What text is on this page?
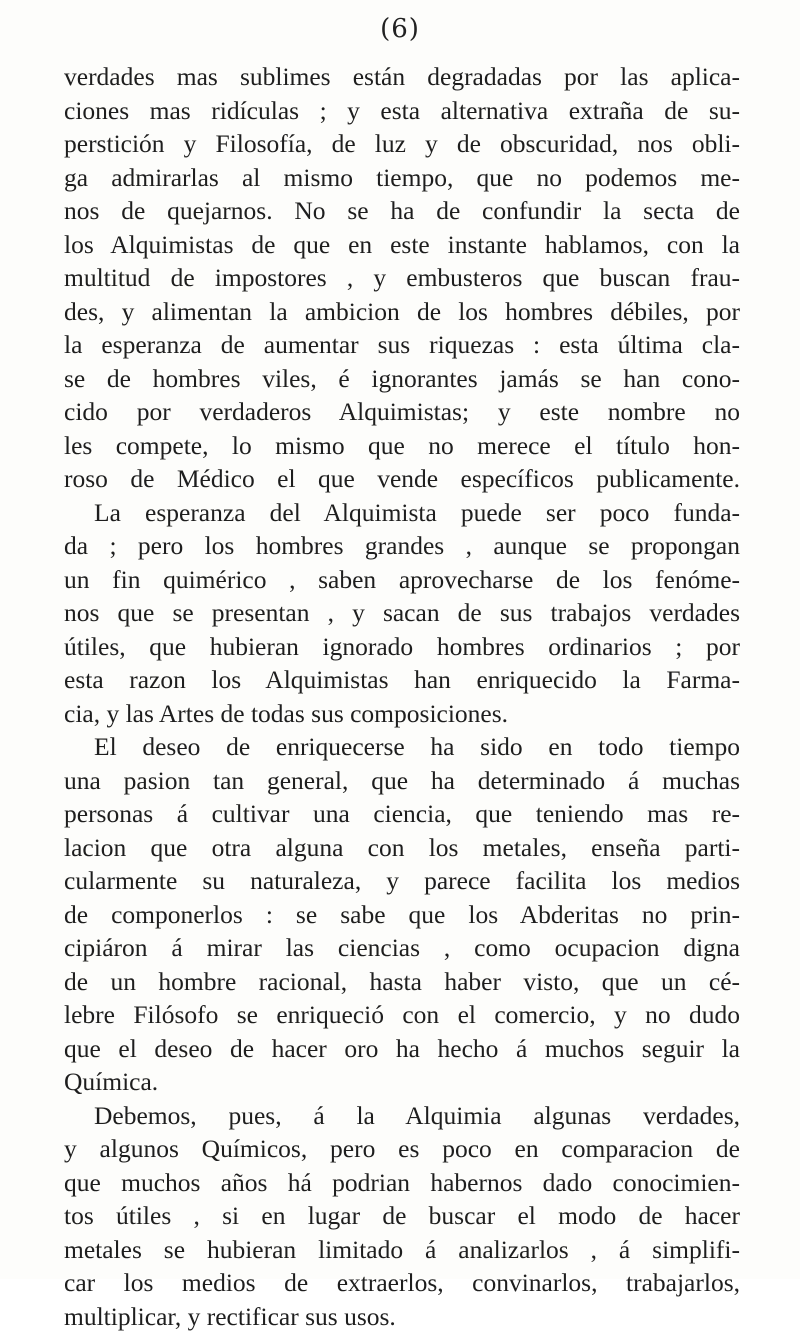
(6)
verdades mas sublimes están degradadas por las aplica-
ciones mas ridículas ; y esta alternativa extraña de su-
perstición y Filosofía, de luz y de obscuridad, nos obli-
ga admirarlas al mismo tiempo, que no podemos me-
nos de quejarnos. No se ha de confundir la secta de
los Alquimistas de que en este instante hablamos, con la
multitud de impostores , y embusteros que buscan frau-
des, y alimentan la ambicion de los hombres débiles, por
la esperanza de aumentar sus riquezas : esta última cla-
se de hombres viles, é ignorantes jamás se han cono-
cido por verdaderos Alquimistas; y este nombre no
les compete, lo mismo que no merece el título hon-
roso de Médico el que vende específicos publicamente.
La esperanza del Alquimista puede ser poco funda-
da ; pero los hombres grandes , aunque se propongan
un fin quimérico , saben aprovecharse de los fenóme-
nos que se presentan , y sacan de sus trabajos verdades
útiles, que hubieran ignorado hombres ordinarios ; por
esta razon los Alquimistas han enriquecido la Farma-
cia, y las Artes de todas sus composiciones.
El deseo de enriquecerse ha sido en todo tiempo
una pasion tan general, que ha determinado á muchas
personas á cultivar una ciencia, que teniendo mas re-
lacion que otra alguna con los metales, enseña parti-
cularmente su naturaleza, y parece facilita los medios
de componerlos : se sabe que los Abderitas no prin-
cipiáron á mirar las ciencias , como ocupacion digna
de un hombre racional, hasta haber visto, que un cé-
lebre Filósofo se enriqueció con el comercio, y no dudo
que el deseo de hacer oro ha hecho á muchos seguir la
Química.
Debemos, pues, á la Alquimia algunas verdades,
y algunos Químicos, pero es poco en comparacion de
que muchos años há podrian habernos dado conocimien-
tos útiles , si en lugar de buscar el modo de hacer
metales se hubieran limitado á analizarlos , á simplifi-
car los medios de extraerlos, convinarlos, trabajarlos,
multiplicar, y rectificar sus usos.
